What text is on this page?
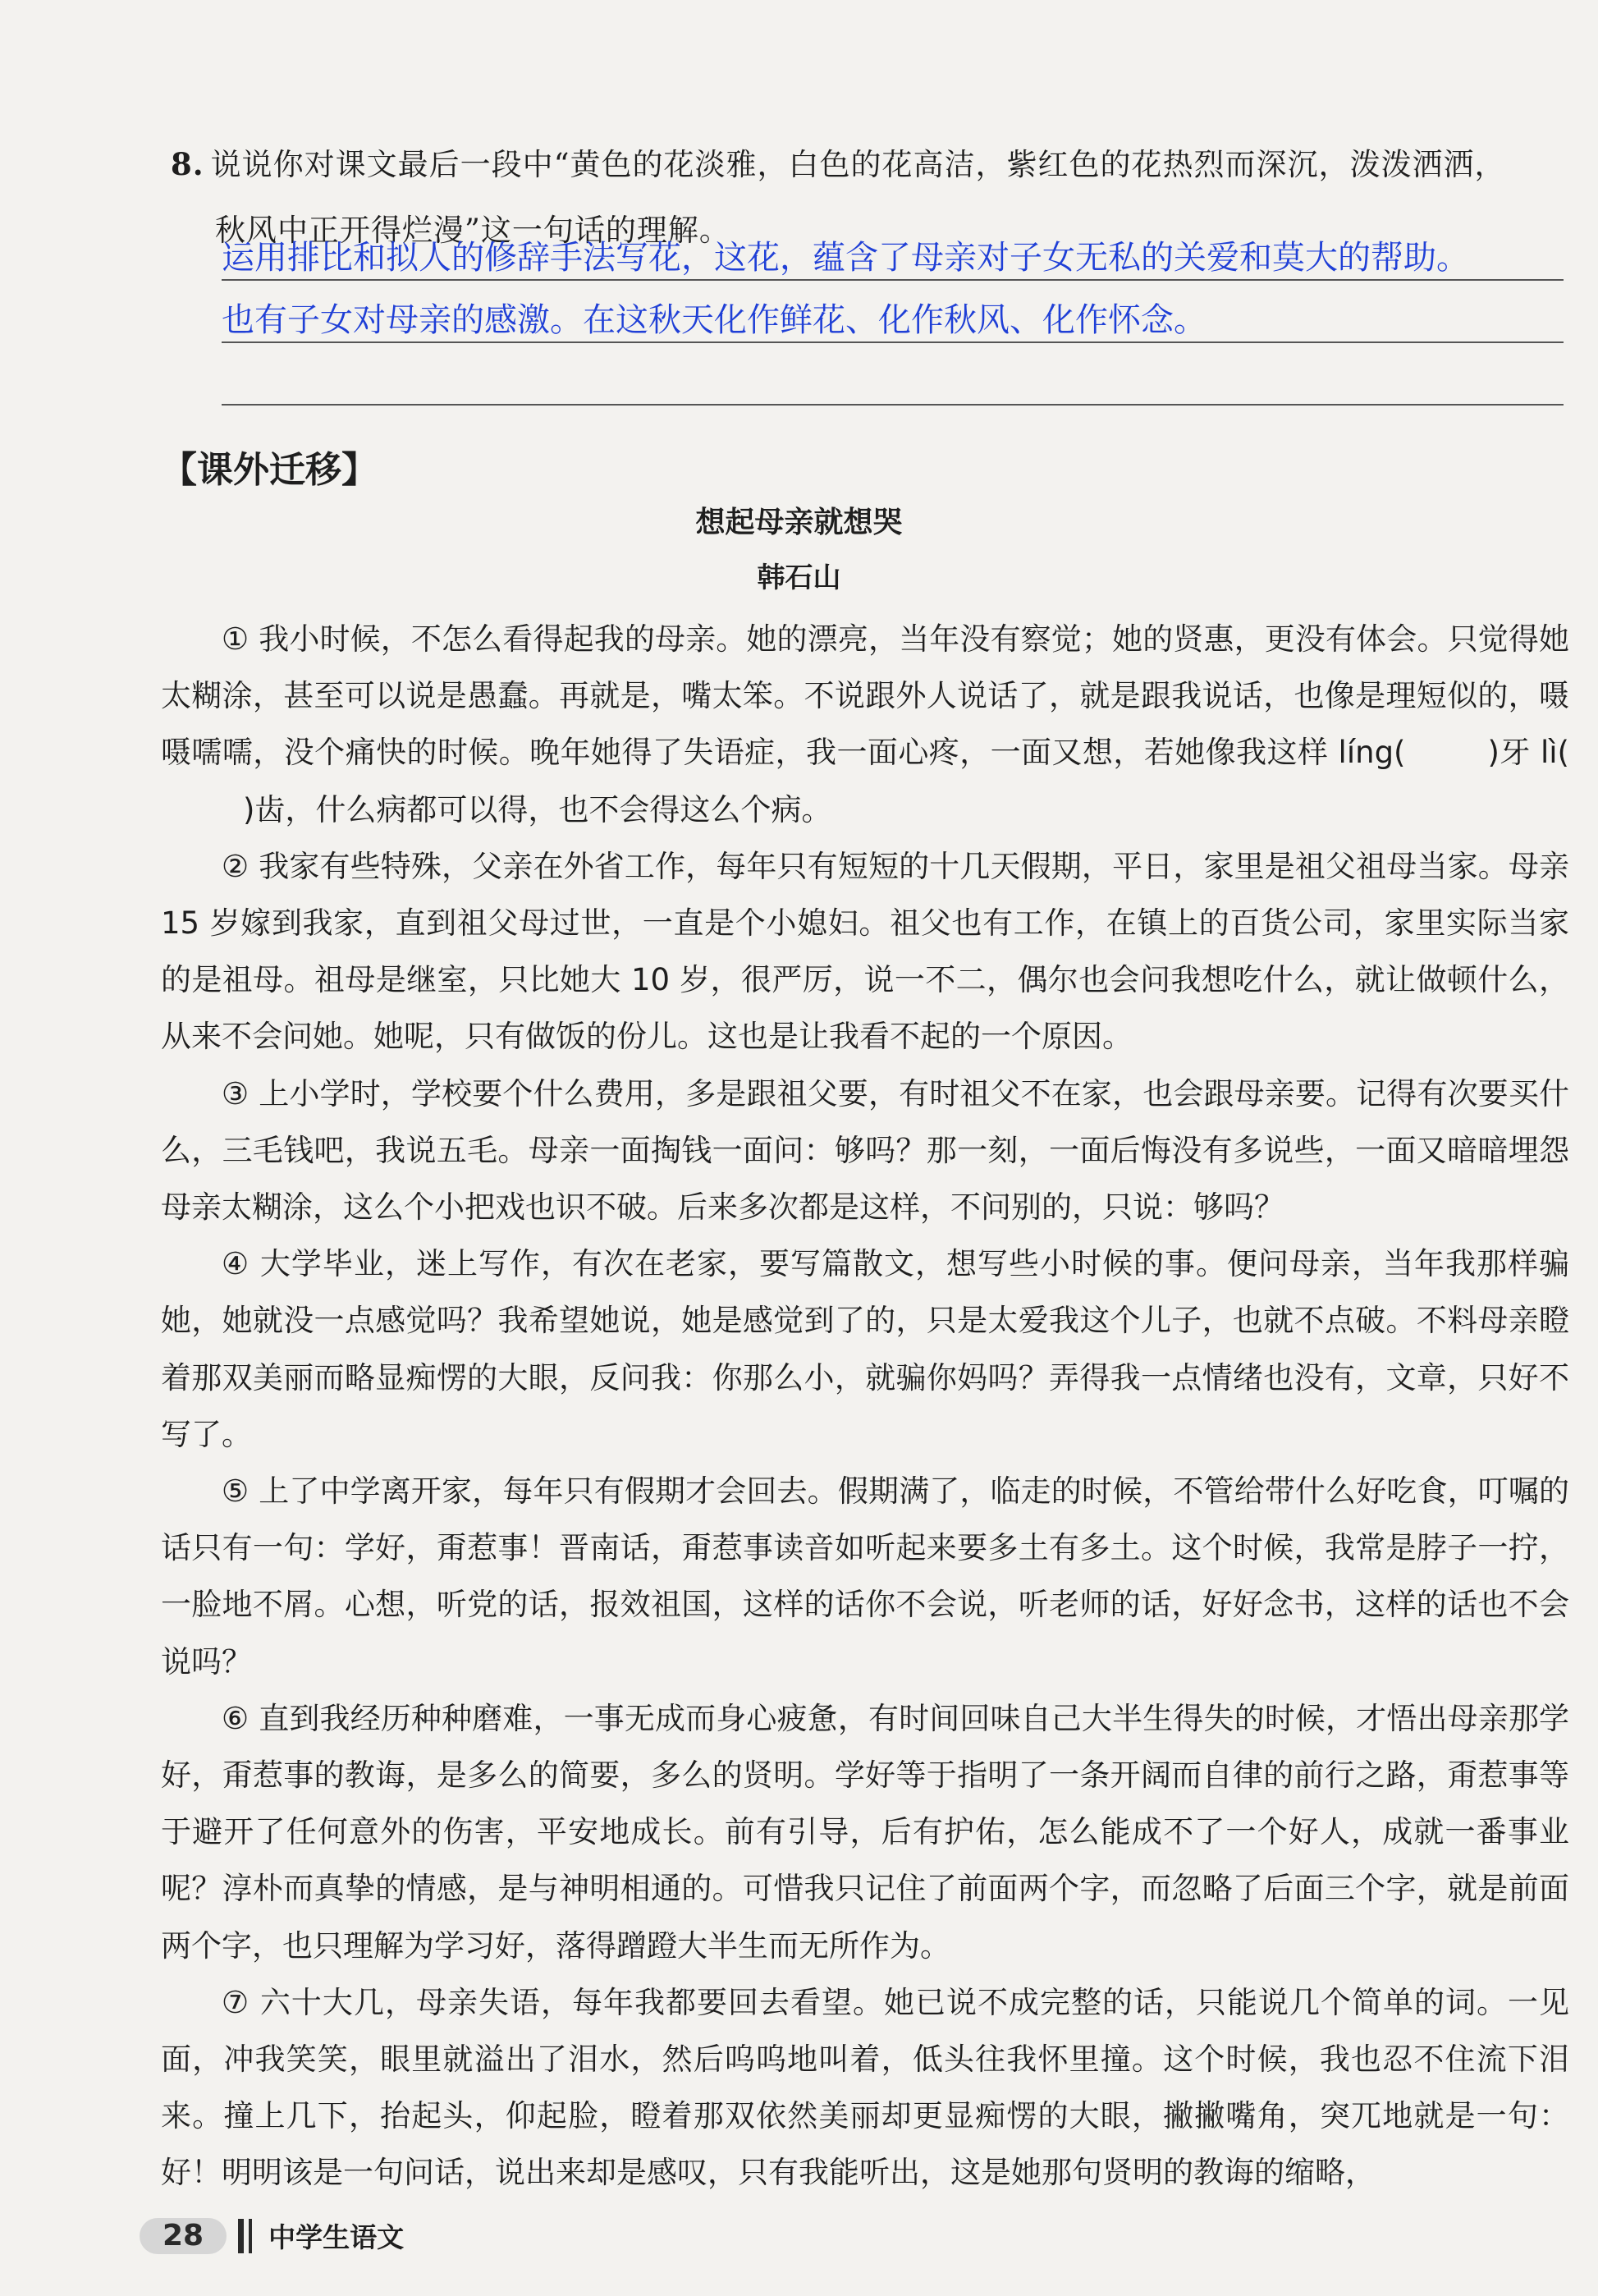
8. 说说你对课文最后一段中“黄色的花淡雅，白色的花高洁，紫红色的花热烈而深沉，泼泼洒洒，
秋风中正开得烂漫”这一句话的理解。
运用排比和拟人的修辞手法写花，这花，蕴含了母亲对子女无私的关爱和莫大的帮助。
也有子女对母亲的感激。在这秋天化作鲜花、化作秋风、化作怀念。
【课外迁移】
想起母亲就想哭
韩石山

① 我小时候，不怎么看得起我的母亲。她的漂亮，当年没有察觉；她的贤惠，更没有体会。只觉得她太糊涂，甚至可以说是愚蠢。再就是，嘴太笨。不说跟外人说话了，就是跟我说话，也像是理短似的，嗫嗫嚅嚅，没个痛快的时候。晚年她得了失语症，我一面心疼，一面又想，若她像我这样 líng(	)牙 lì()齿，什么病都可以得，也不会得这么个病。

② 我家有些特殊，父亲在外省工作，每年只有短短的十几天假期，平日，家里是祖父祖母当家。母亲 15 岁嫁到我家，直到祖父母过世，一直是个小媳妇。祖父也有工作，在镇上的百货公司，家里实际当家的是祖母。祖母是继室，只比她大 10 岁，很严厉，说一不二，偶尔也会问我想吃什么，就让做顿什么，从来不会问她。她呢，只有做饭的份儿。这也是让我看不起的一个原因。

③ 上小学时，学校要个什么费用，多是跟祖父要，有时祖父不在家，也会跟母亲要。记得有次要买什么，三毛钱吧，我说五毛。母亲一面掏钱一面问：够吗？那一刻，一面后悔没有多说些，一面又暗暗埋怨母亲太糊涂，这么个小把戏也识不破。后来多次都是这样，不问别的，只说：够吗？

④ 大学毕业，迷上写作，有次在老家，要写篇散文，想写些小时候的事。便问母亲，当年我那样骗她，她就没一点感觉吗？我希望她说，她是感觉到了的，只是太爱我这个儿子，也就不点破。不料母亲瞪着那双美丽而略显痴愣的大眼，反问我：你那么小，就骗你妈吗？弄得我一点情绪也没有，文章，只好不写了。

⑤ 上了中学离开家，每年只有假期才会回去。假期满了，临走的时候，不管给带什么好吃食，叮嘱的话只有一句：学好，甭惹事！晋南话，甭惹事读音如听起来要多土有多土。这个时候，我常是脖子一拧，一脸地不屑。心想，听党的话，报效祖国，这样的话你不会说，听老师的话，好好念书，这样的话也不会说吗？

⑥ 直到我经历种种磨难，一事无成而身心疲惫，有时间回味自己大半生得失的时候，才悟出母亲那学好，甭惹事的教诲，是多么的简要，多么的贤明。学好等于指明了一条开阔而自律的前行之路，甭惹事等于避开了任何意外的伤害，平安地成长。前有引导，后有护佑，怎么能成不了一个好人，成就一番事业呢？淳朴而真挚的情感，是与神明相通的。可惜我只记住了前面两个字，而忽略了后面三个字，就是前面两个字，也只理解为学习好，落得蹭蹬大半生而无所作为。

⑦ 六十大几，母亲失语，每年我都要回去看望。她已说不成完整的话，只能说几个简单的词。一见面，冲我笑笑，眼里就溢出了泪水，然后呜呜地叫着，低头往我怀里撞。这个时候，我也忍不住流下泪来。撞上几下，抬起头，仰起脸，瞪着那双依然美丽却更显痴愣的大眼，撇撇嘴角，突兀地就是一句：好！明明该是一句问话，说出来却是感叹，只有我能听出，这是她那句贤明的教诲的缩略，

28	中学生语文
